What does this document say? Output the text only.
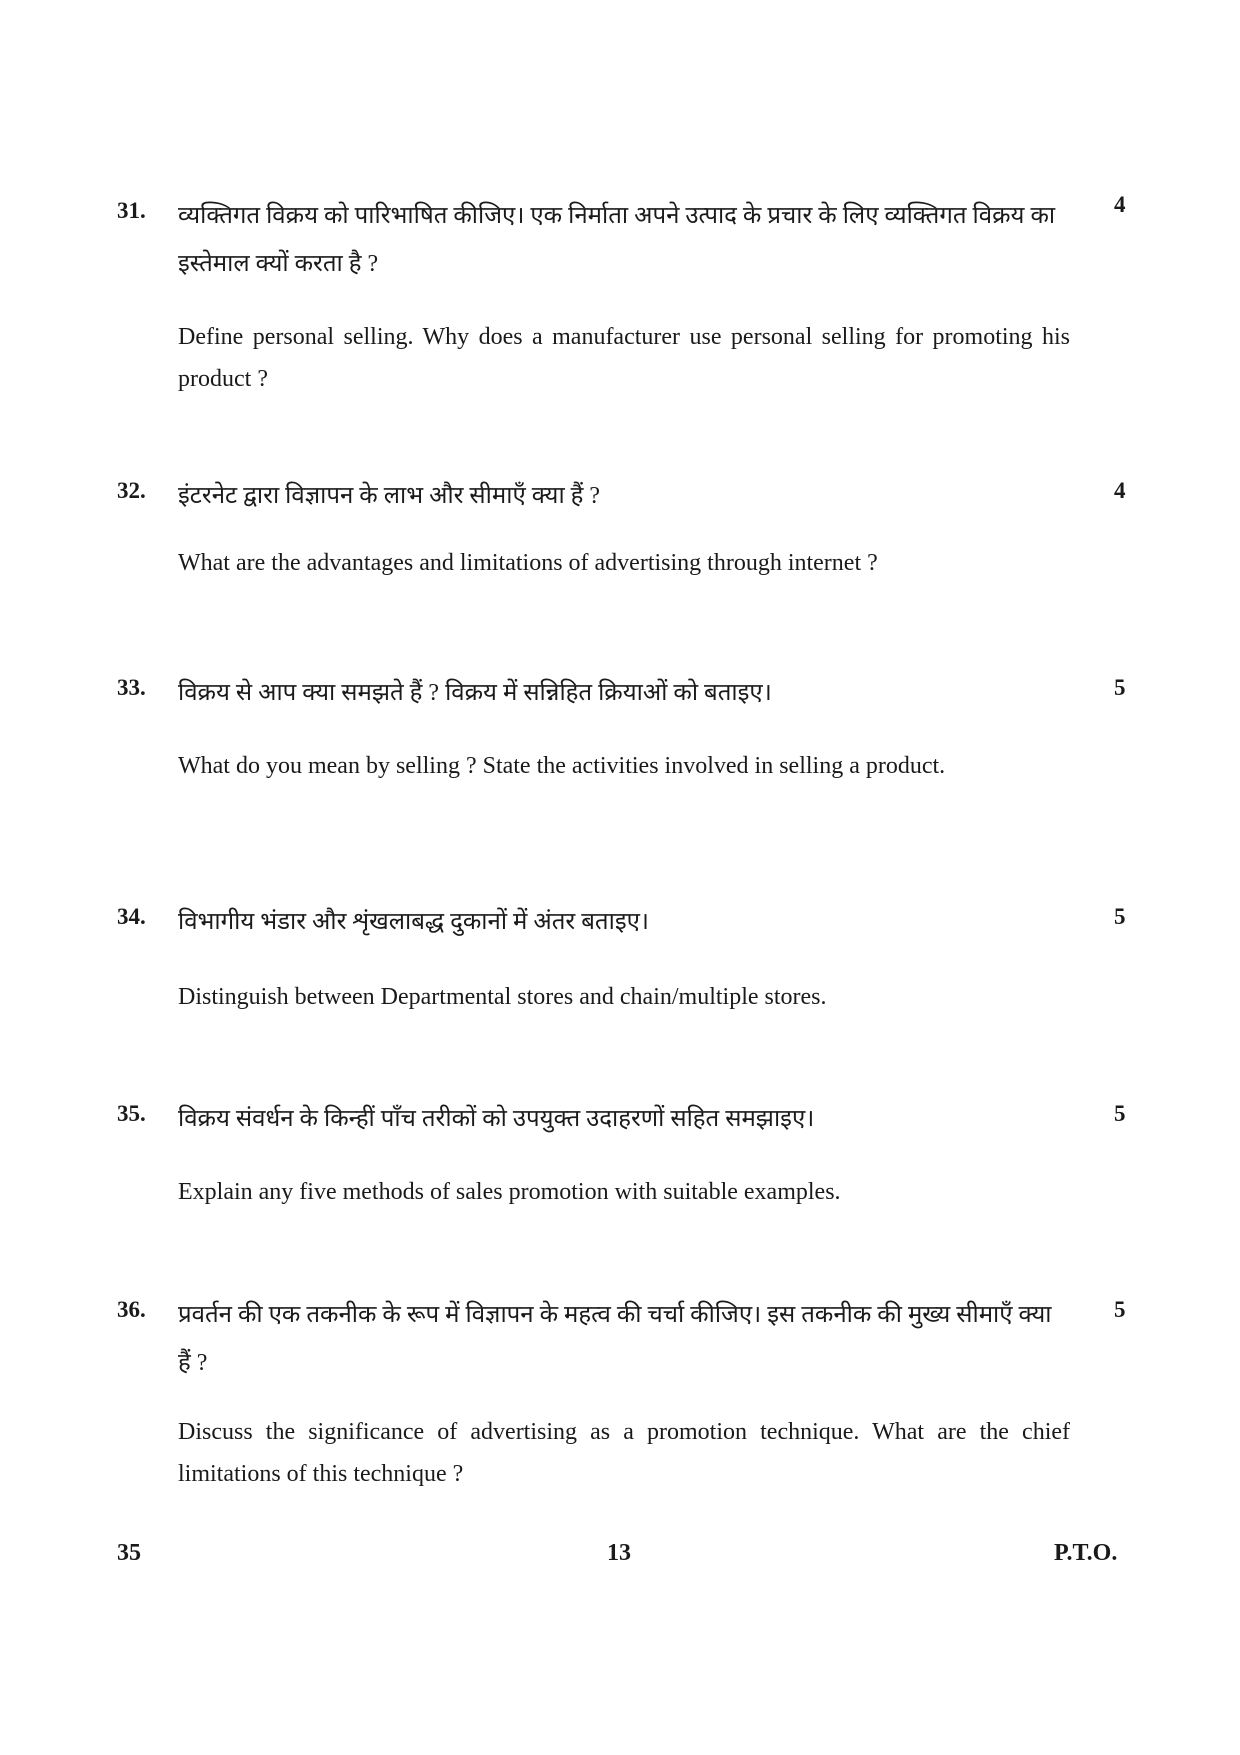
31. व्यक्तिगत विक्रय को पारिभाषित कीजिए। एक निर्माता अपने उत्पाद के प्रचार के लिए व्यक्तिगत विक्रय का इस्तेमाल क्यों करता है ?
4
Define personal selling. Why does a manufacturer use personal selling for promoting his product ?
32. इंटरनेट द्वारा विज्ञापन के लाभ और सीमाएँ क्या हैं ?	4
What are the advantages and limitations of advertising through internet ?
33. विक्रय से आप क्या समझते हैं ? विक्रय में सन्निहित क्रियाओं को बताइए।	5
What do you mean by selling ? State the activities involved in selling a product.
34. विभागीय भंडार और शृंखलाबद्ध दुकानों में अंतर बताइए।	5
Distinguish between Departmental stores and chain/multiple stores.
35. विक्रय संवर्धन के किन्हीं पाँच तरीकों को उपयुक्त उदाहरणों सहित समझाइए।	5
Explain any five methods of sales promotion with suitable examples.
36. प्रवर्तन की एक तकनीक के रूप में विज्ञापन के महत्व की चर्चा कीजिए। इस तकनीक की मुख्य सीमाएँ क्या हैं ?
5
Discuss the significance of advertising as a promotion technique. What are the chief limitations of this technique ?
35	13	P.T.O.
